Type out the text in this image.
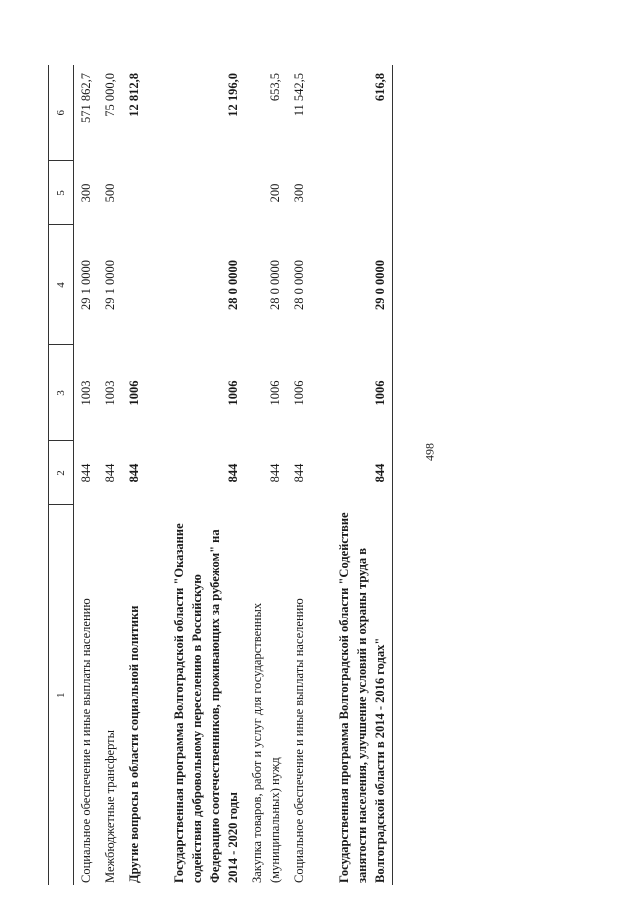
498
1	2	3	4	5	6
Социальное обеспечение и иные выплаты населению	844	1003	29 1 0000	300	571 862,7
Межбюджетные трансферты	844	1003	29 1 0000	500	75 000,0
Другие вопросы в области социальной политики	844	1006			12 812,8
Государственная программа Волгоградской области "Оказание содействия добровольному переселению в Российскую Федерацию соотечественников, проживающих за рубежом" на 2014 - 2020 годы	844	1006	28 0 0000		12 196,0
Закупка товаров, работ и услуг для государственных (муниципальных) нужд	844	1006	28 0 0000	200	653,5
Социальное обеспечение и иные выплаты населению	844	1006	28 0 0000	300	11 542,5
Государственная программа Волгоградской области "Содействие занятости населения, улучшение условий и охраны труда в Волгоградской области в 2014 - 2016 годах"	844	1006	29 0 0000		616,8
